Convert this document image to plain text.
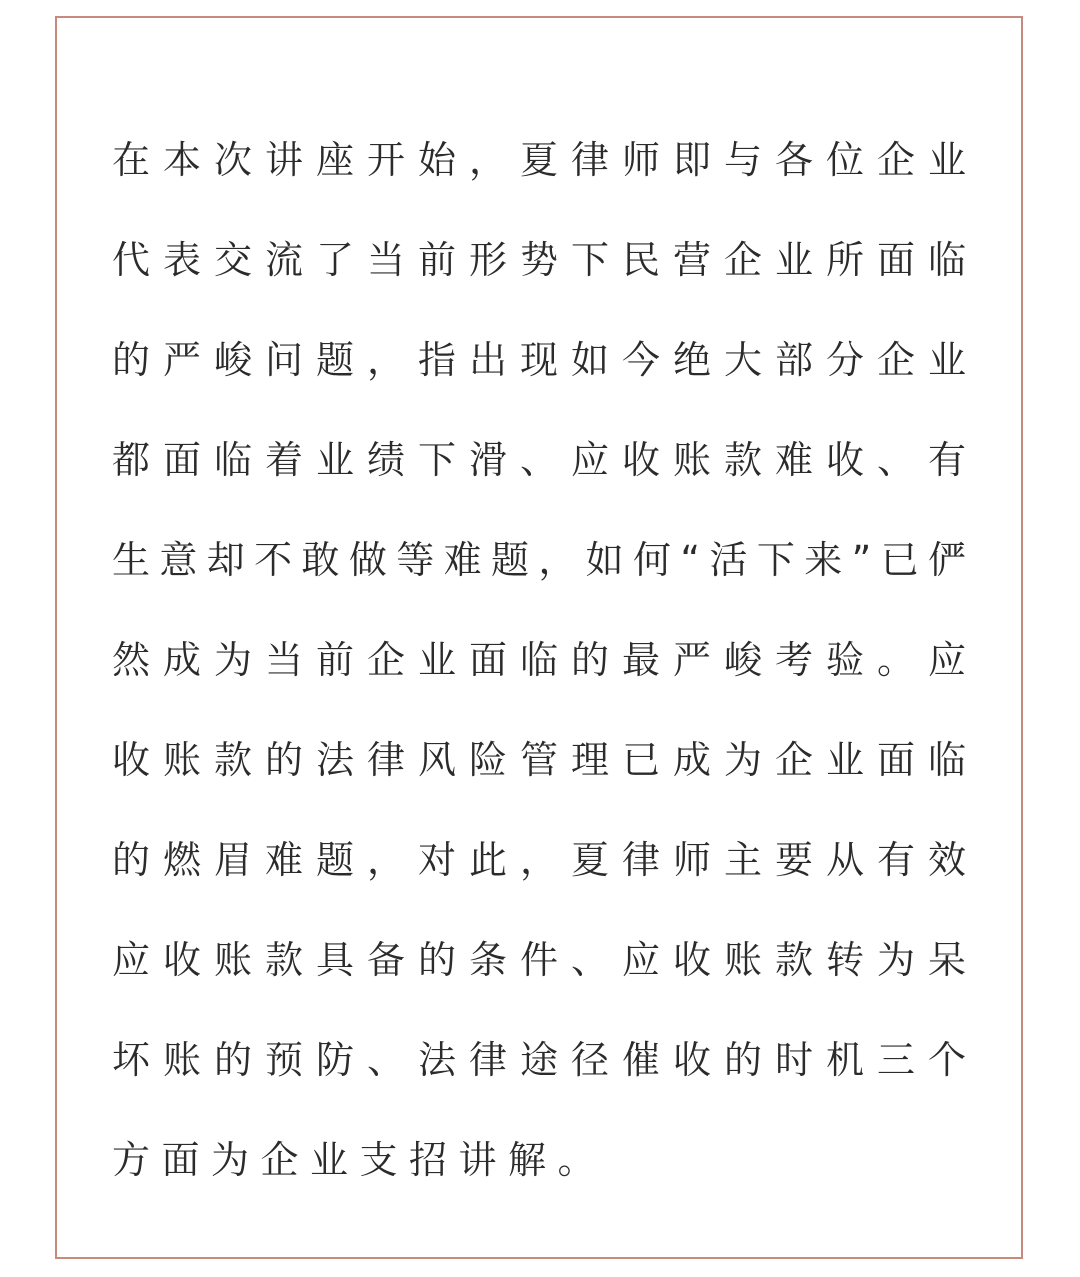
在本次讲座开始，夏律师即与各位企业
代表交流了当前形势下民营企业所面临
的严峻问题，指出现如今绝大部分企业
都面临着业绩下滑、应收账款难收、有
生意却不敢做等难题，如何“活下来”已俨
然成为当前企业面临的最严峻考验。应
收账款的法律风险管理已成为企业面临
的燃眉难题，对此，夏律师主要从有效
应收账款具备的条件、应收账款转为呆
坏账的预防、法律途径催收的时机三个
方面为企业支招讲解。
